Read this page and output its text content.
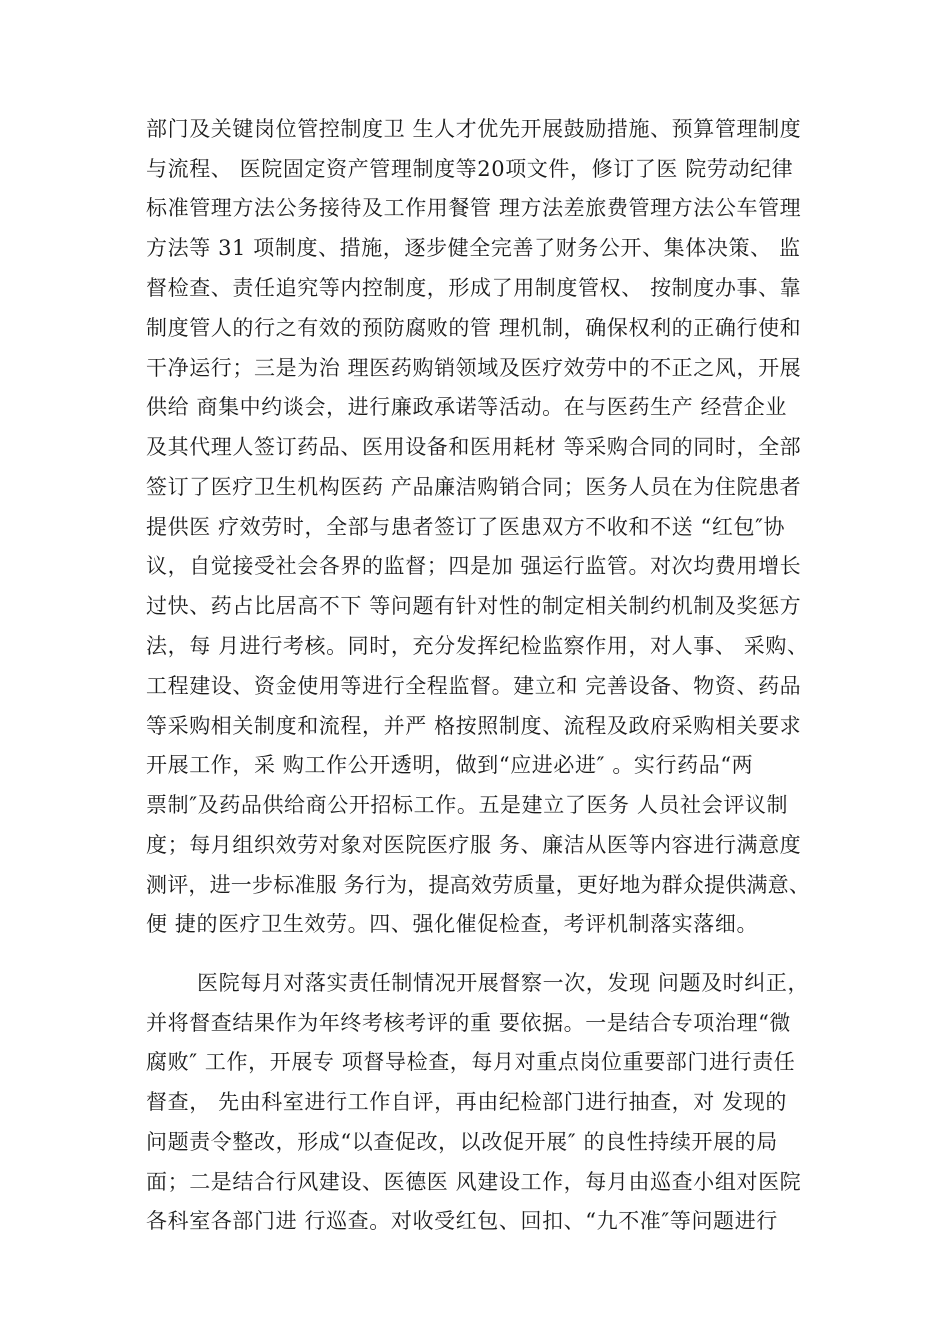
部门及关键岗位管控制度卫 生人才优先开展鼓励措施、预算管理制度
与流程、 医院固定资产管理制度等20项文件，修订了医 院劳动纪律
标准管理方法公务接待及工作用餐管 理方法差旅费管理方法公车管理
方法等 31 项制度、措施，逐步健全完善了财务公开、集体决策、 监
督检查、责任追究等内控制度，形成了用制度管权、 按制度办事、靠
制度管人的行之有效的预防腐败的管 理机制，确保权利的正确行使和
干净运行；三是为治 理医药购销领域及医疗效劳中的不正之风，开展
供给 商集中约谈会，进行廉政承诺等活动。在与医药生产 经营企业
及其代理人签订药品、医用设备和医用耗材 等采购合同的同时，全部
签订了医疗卫生机构医药 产品廉洁购销合同；医务人员在为住院患者
提供医 疗效劳时，全部与患者签订了医患双方不收和不送 “红包″协
议，自觉接受社会各界的监督；四是加 强运行监管。对次均费用增长
过快、药占比居高不下 等问题有针对性的制定相关制约机制及奖惩方
法，每 月进行考核。同时，充分发挥纪检监察作用，对人事、 采购、
工程建设、资金使用等进行全程监督。建立和 完善设备、物资、药品
等采购相关制度和流程，并严 格按照制度、流程及政府采购相关要求
开展工作，采 购工作公开透明，做到“应进必进″ 。实行药品“两
票制″及药品供给商公开招标工作。五是建立了医务 人员社会评议制
度；每月组织效劳对象对医院医疗服 务、廉洁从医等内容进行满意度
测评，进一步标准服 务行为，提高效劳质量，更好地为群众提供满意、
便 捷的医疗卫生效劳。四、强化催促检查，考评机制落实落细。
医院每月对落实责任制情况开展督察一次，发现 问题及时纠正，
并将督查结果作为年终考核考评的重 要依据。一是结合专项治理“微
腐败″ 工作，开展专 项督导检查，每月对重点岗位重要部门进行责任
督查， 先由科室进行工作自评，再由纪检部门进行抽查，对 发现的
问题责令整改，形成“以查促改，以改促开展″ 的良性持续开展的局
面；二是结合行风建设、医德医 风建设工作，每月由巡查小组对医院
各科室各部门进 行巡查。对收受红包、回扣、“九不准″等问题进行
